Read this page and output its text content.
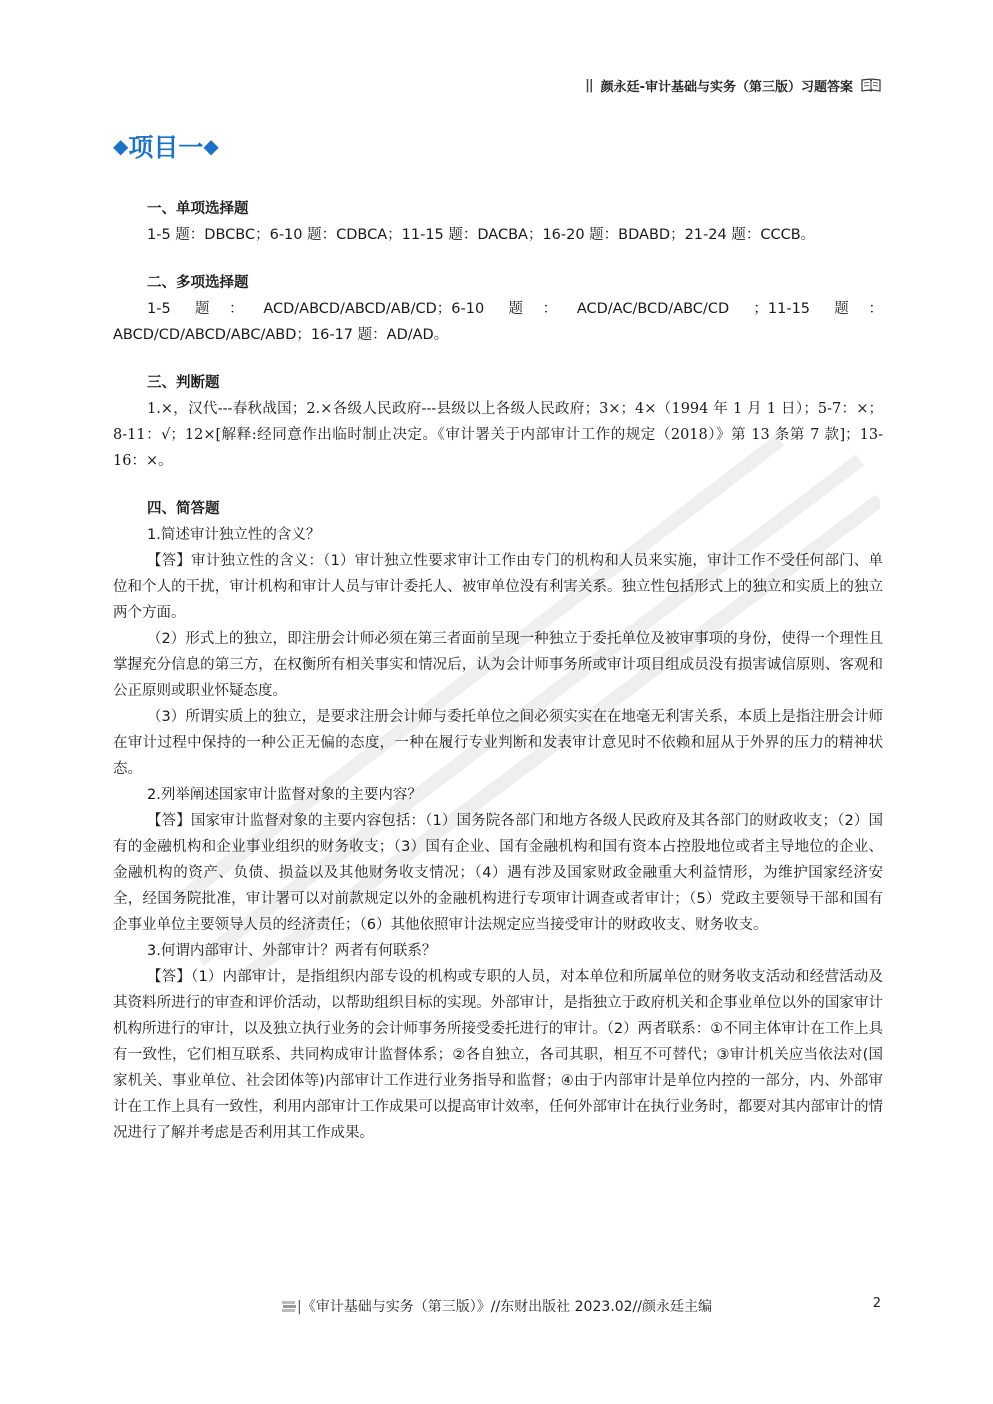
|| 颜永廷-审计基础与实务（第三版）习题答案
◆项目一◆

一、单项选择题

1-5 题：DBCBC；6-10 题：CDBCA；11-15 题：DACBA；16-20 题：BDABD；21-24 题：CCCB。

二、多项选择题

1-5 题：ACD/ABCD/ABCD/AB/CD；6-10 题：ACD/AC/BCD/ABC/CD ；11-15 题：ABCD/CD/ABCD/ABC/ABD；16-17 题：AD/AD。

三、判断题

1.×，汉代---春秋战国；2.×各级人民政府---县级以上各级人民政府；3×；4×（1994 年 1 月 1 日）；5-7：×；8-11：√；12×[解释:经同意作出临时制止决定。《审计署关于内部审计工作的规定（2018）》第 13 条第 7 款]；13-16：×。

四、简答题

1.简述审计独立性的含义？

【答】审计独立性的含义：（1）审计独立性要求审计工作由专门的机构和人员来实施，审计工作不受任何部门、单位和个人的干扰，审计机构和审计人员与审计委托人、被审单位没有利害关系。独立性包括形式上的独立和实质上的独立两个方面。

（2）形式上的独立，即注册会计师必须在第三者面前呈现一种独立于委托单位及被审事项的身份，使得一个理性且掌握充分信息的第三方，在权衡所有相关事实和情况后，认为会计师事务所或审计项目组成员没有损害诚信原则、客观和公正原则或职业怀疑态度。

（3）所谓实质上的独立，是要求注册会计师与委托单位之间必须实实在在地毫无利害关系，本质上是指注册会计师在审计过程中保持的一种公正无偏的态度，一种在履行专业判断和发表审计意见时不依赖和屈从于外界的压力的精神状态。

2.列举阐述国家审计监督对象的主要内容？

【答】国家审计监督对象的主要内容包括：（1）国务院各部门和地方各级人民政府及其各部门的财政收支；（2）国有的金融机构和企业事业组织的财务收支；（3）国有企业、国有金融机构和国有资本占控股地位或者主导地位的企业、金融机构的资产、负债、损益以及其他财务收支情况；（4）遇有涉及国家财政金融重大利益情形，为维护国家经济安全，经国务院批准，审计署可以对前款规定以外的金融机构进行专项审计调查或者审计；（5）党政主要领导干部和国有企事业单位主要领导人员的经济责任；（6）其他依照审计法规定应当接受审计的财政收支、财务收支。

3.何谓内部审计、外部审计？两者有何联系？

【答】（1）内部审计，是指组织内部专设的机构或专职的人员，对本单位和所属单位的财务收支活动和经营活动及其资料所进行的审查和评价活动，以帮助组织目标的实现。外部审计，是指独立于政府机关和企事业单位以外的国家审计机构所进行的审计，以及独立执行业务的会计师事务所接受委托进行的审计。（2）两者联系：①不同主体审计在工作上具有一致性，它们相互联系、共同构成审计监督体系；②各自独立，各司其职，相互不可替代；③审计机关应当依法对(国家机关、事业单位、社会团体等)内部审计工作进行业务指导和监督；④由于内部审计是单位内控的一部分，内、外部审计在工作上具有一致性，利用内部审计工作成果可以提高审计效率，任何外部审计在执行业务时，都要对其内部审计的情况进行了解并考虑是否利用其工作成果。

|《审计基础与实务（第三版）》//东财出版社 2023.02//颜永廷主编	2
